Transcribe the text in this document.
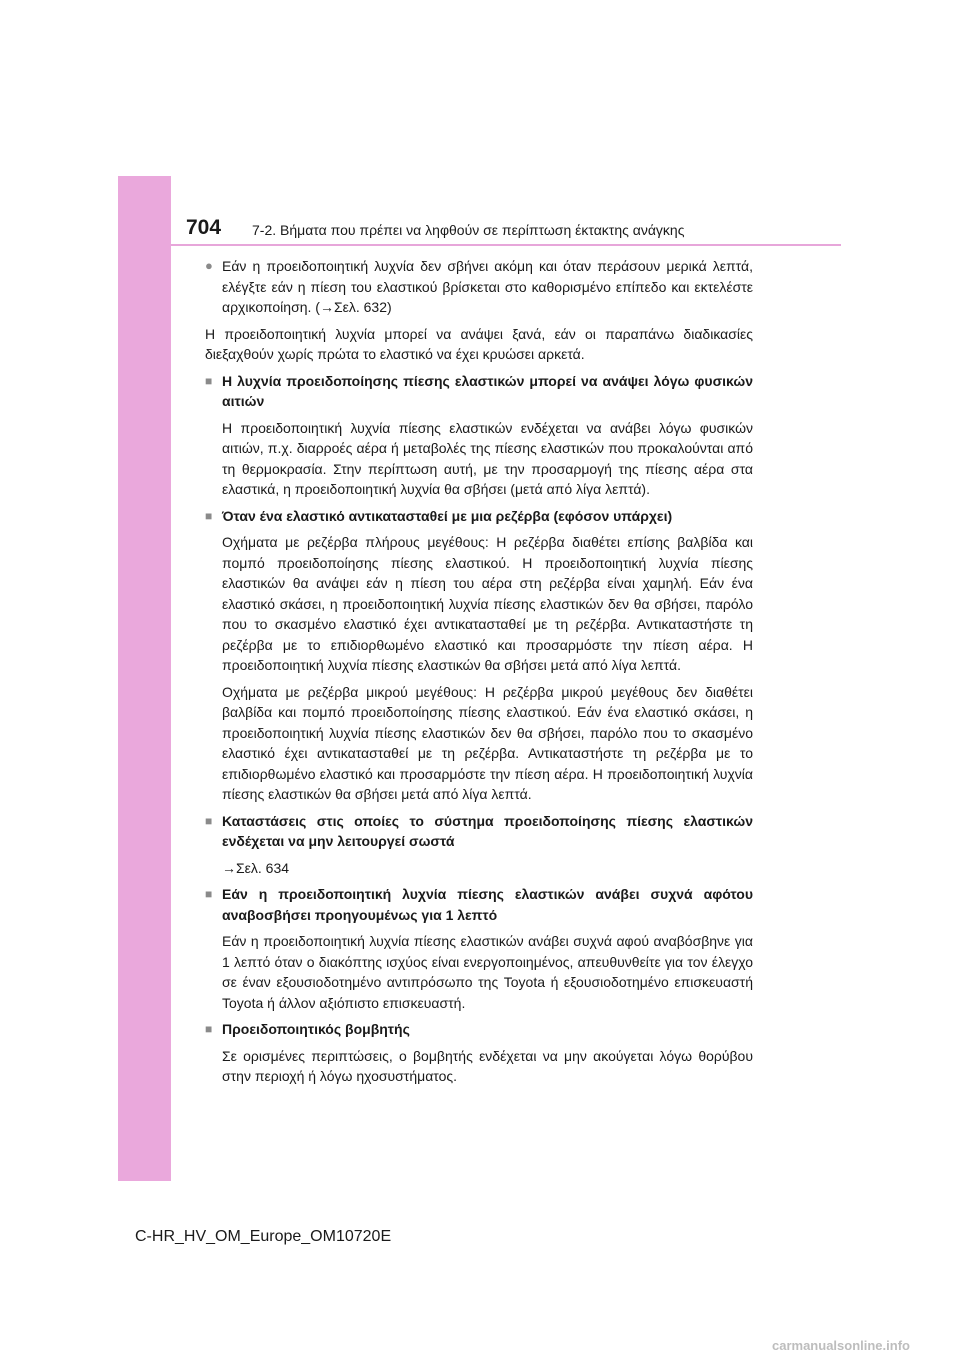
704 7-2. Βήματα που πρέπει να ληφθούν σε περίπτωση έκτακτης ανάγκης
● Εάν η προειδοποιητική λυχνία δεν σβήνει ακόμη και όταν περάσουν μερικά λεπτά, ελέγξτε εάν η πίεση του ελαστικού βρίσκεται στο καθορισμένο επίπεδο και εκτελέστε αρχικοποίηση. (→Σελ. 632)
Η προειδοποιητική λυχνία μπορεί να ανάψει ξανά, εάν οι παραπάνω διαδικασίες διεξαχθούν χωρίς πρώτα το ελαστικό να έχει κρυώσει αρκετά.
■ Η λυχνία προειδοποίησης πίεσης ελαστικών μπορεί να ανάψει λόγω φυσικών αιτιών
Η προειδοποιητική λυχνία πίεσης ελαστικών ενδέχεται να ανάβει λόγω φυσικών αιτιών, π.χ. διαρροές αέρα ή μεταβολές της πίεσης ελαστικών που προκαλούνται από τη θερμοκρασία. Στην περίπτωση αυτή, με την προσαρμογή της πίεσης αέρα στα ελαστικά, η προειδοποιητική λυχνία θα σβήσει (μετά από λίγα λεπτά).
■ Όταν ένα ελαστικό αντικατασταθεί με μια ρεζέρβα (εφόσον υπάρχει)
Οχήματα με ρεζέρβα πλήρους μεγέθους: Η ρεζέρβα διαθέτει επίσης βαλβίδα και πομπό προειδοποίησης πίεσης ελαστικού. Η προειδοποιητική λυχνία πίεσης ελαστικών θα ανάψει εάν η πίεση του αέρα στη ρεζέρβα είναι χαμηλή. Εάν ένα ελαστικό σκάσει, η προειδοποιητική λυχνία πίεσης ελαστικών δεν θα σβήσει, παρόλο που το σκασμένο ελαστικό έχει αντικατασταθεί με τη ρεζέρβα. Αντικαταστήστε τη ρεζέρβα με το επιδιορθωμένο ελαστικό και προσαρμόστε την πίεση αέρα. Η προειδοποιητική λυχνία πίεσης ελαστικών θα σβήσει μετά από λίγα λεπτά.
Οχήματα με ρεζέρβα μικρού μεγέθους: Η ρεζέρβα μικρού μεγέθους δεν διαθέτει βαλβίδα και πομπό προειδοποίησης πίεσης ελαστικού. Εάν ένα ελαστικό σκάσει, η προειδοποιητική λυχνία πίεσης ελαστικών δεν θα σβήσει, παρόλο που το σκασμένο ελαστικό έχει αντικατασταθεί με τη ρεζέρβα. Αντικαταστήστε τη ρεζέρβα με το επιδιορθωμένο ελαστικό και προσαρμόστε την πίεση αέρα. Η προειδοποιητική λυχνία πίεσης ελαστικών θα σβήσει μετά από λίγα λεπτά.
■ Καταστάσεις στις οποίες το σύστημα προειδοποίησης πίεσης ελαστικών ενδέχεται να μην λειτουργεί σωστά
→Σελ. 634
■ Εάν η προειδοποιητική λυχνία πίεσης ελαστικών ανάβει συχνά αφότου αναβοσβήσει προηγουμένως για 1 λεπτό
Εάν η προειδοποιητική λυχνία πίεσης ελαστικών ανάβει συχνά αφού αναβόσβηνε για 1 λεπτό όταν ο διακόπτης ισχύος είναι ενεργοποιημένος, απευθυνθείτε για τον έλεγχο σε έναν εξουσιοδοτημένο αντιπρόσωπο της Toyota ή εξουσιοδοτημένο επισκευαστή Toyota ή άλλον αξιόπιστο επισκευαστή.
■ Προειδοποιητικός βομβητής
Σε ορισμένες περιπτώσεις, ο βομβητής ενδέχεται να μην ακούγεται λόγω θορύβου στην περιοχή ή λόγω ηχοσυστήματος.
C-HR_HV_OM_Europe_OM10720E
carmanualsonline.info
